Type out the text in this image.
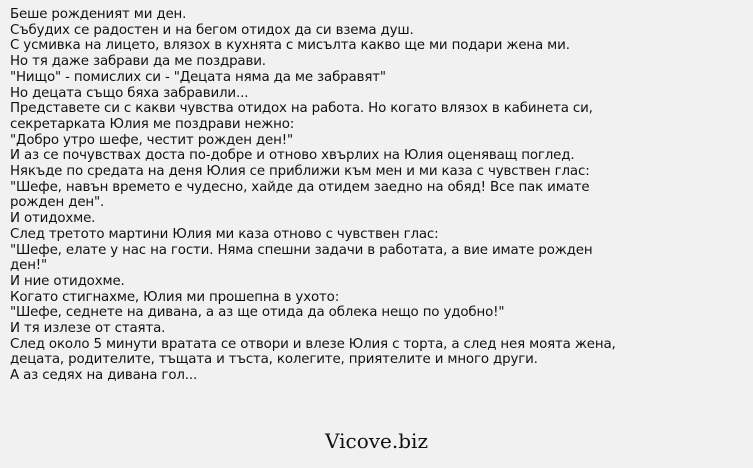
Беше рожденият ми ден.
Събудих се радостен и на бегом отидох да си взема душ.
С усмивка на лицето, влязох в кухнята с мисълта какво ще ми подари жена ми.
Но тя даже забрави да ме поздрави.
"Нищо" - помислих си - "Децата няма да ме забравят"
Но децата също бяха забравили...
Представете си с какви чувства отидох на работа. Но когато влязох в кабинета си,
секретарката Юлия ме поздрави нежно:
"Добро утро шефе, честит рожден ден!"
И аз се почувствах доста по-добре и отново хвърлих на Юлия оценяващ поглед.
Някъде по средата на деня Юлия се приближи към мен и ми каза с чувствен глас:
"Шефе, навън времето е чудесно, хайде да отидем заедно на обяд! Все пак имате
рожден ден".
И отидохме.
След третото мартини Юлия ми каза отново с чувствен глас:
"Шефе, елате у нас на гости. Няма спешни задачи в работата, а вие имате рожден
ден!"
И ние отидохме.
Когато стигнахме, Юлия ми прошепна в ухото:
"Шефе, седнете на дивана, а аз ще отида да облека нещо по удобно!"
И тя излезе от стаята.
След около 5 минути вратата се отвори и влезе Юлия с торта, а след нея моята жена,
децата, родителите, тъщата и тъста, колегите, приятелите и много други.
А аз седях на дивана гол...
Vicove.biz
